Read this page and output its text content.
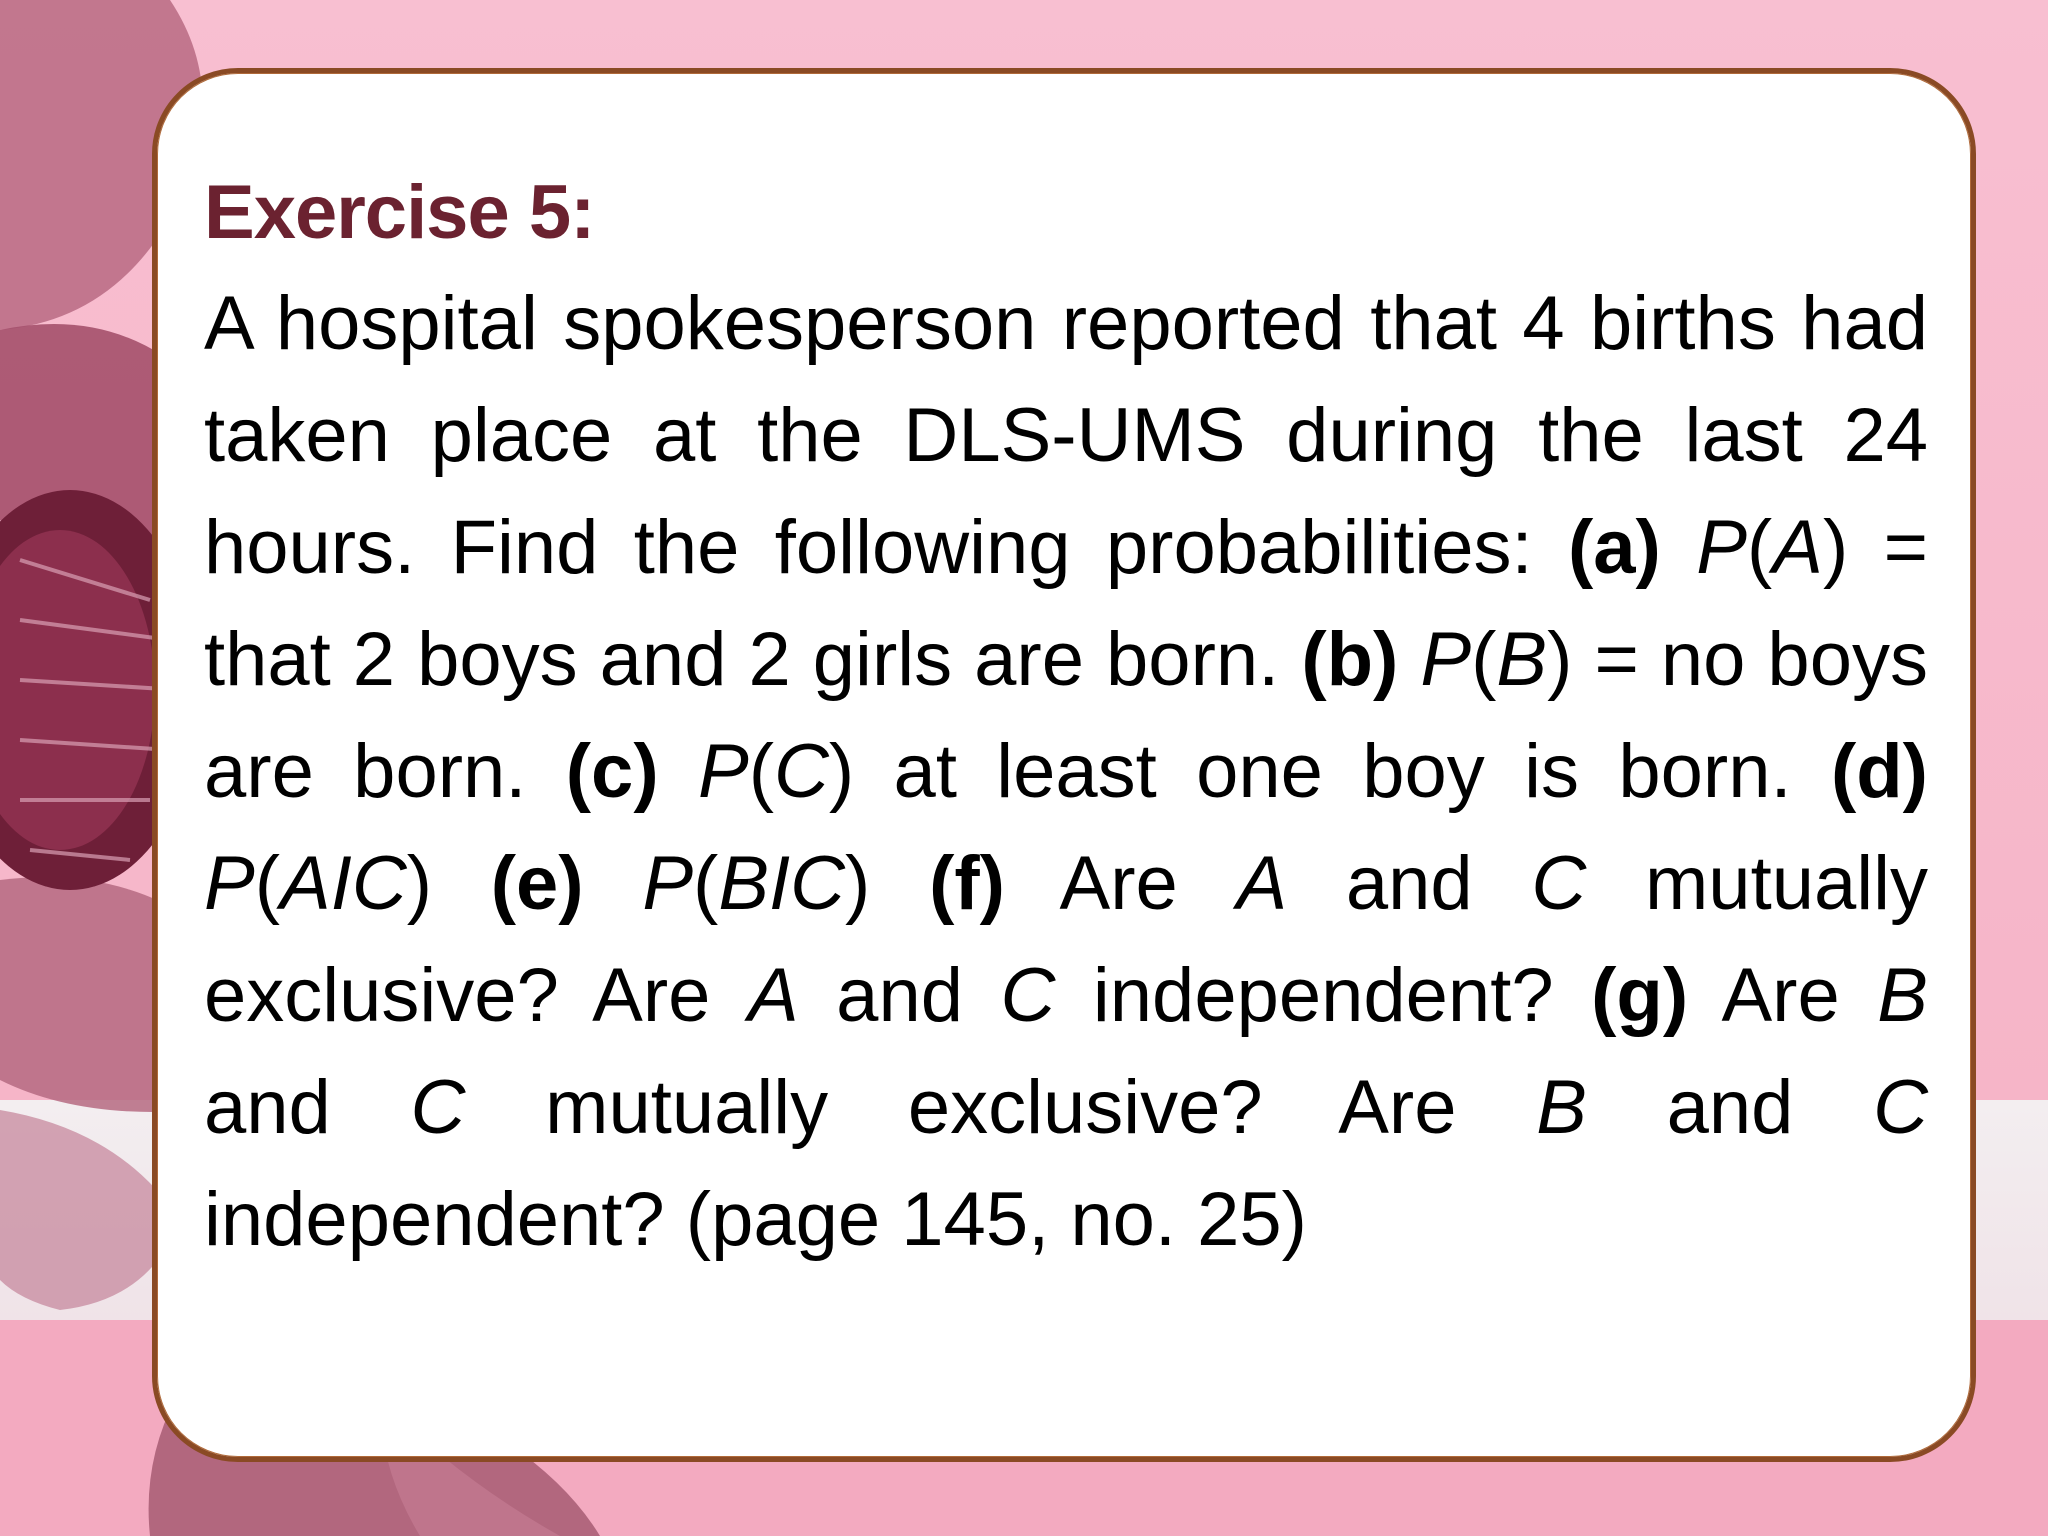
Exercise 5:

A hospital spokesperson reported that 4 births had taken place at the DLS-UMS during the last 24 hours. Find the following probabilities: (a) P(A) = that 2 boys and 2 girls are born. (b) P(B) = no boys are born. (c) P(C) at least one boy is born. (d) P(AIC) (e) P(BIC) (f) Are A and C mutually exclusive? Are A and C independent? (g) Are B and C mutually exclusive? Are B and C independent? (page 145, no. 25)
